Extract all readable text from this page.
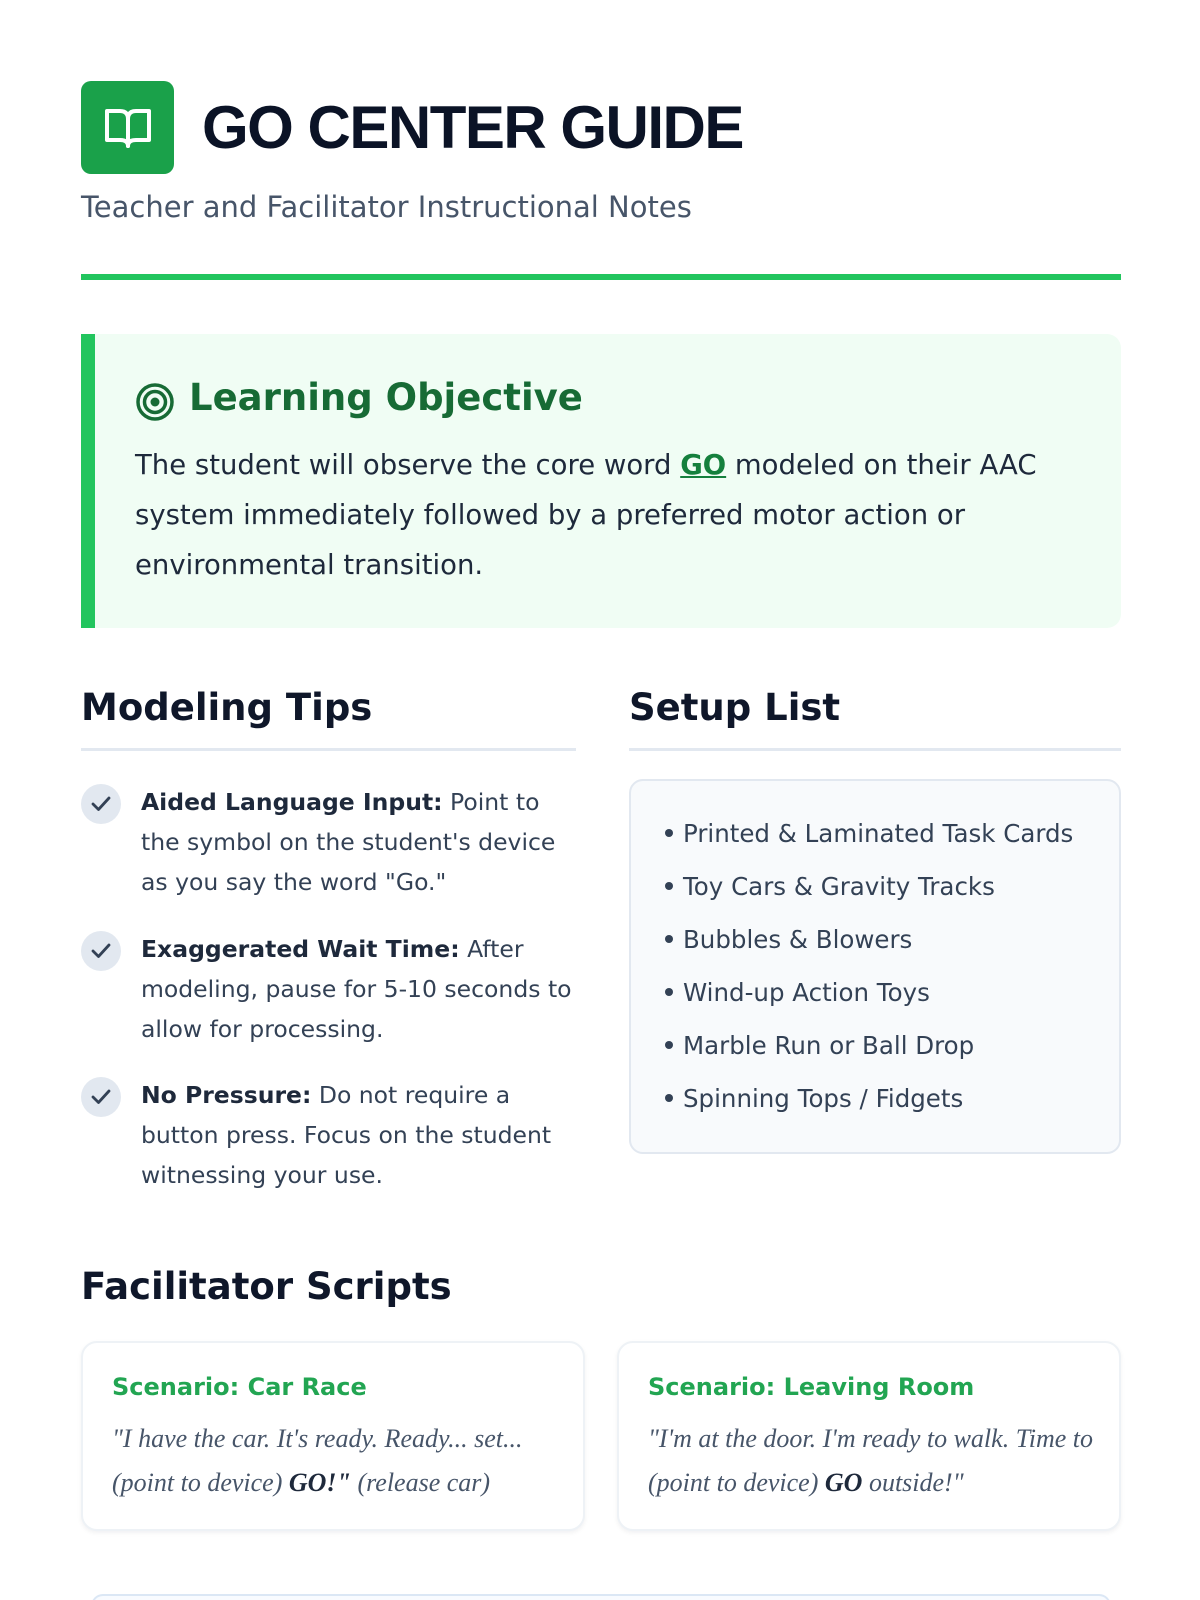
GO CENTER GUIDE
Teacher and Facilitator Instructional Notes
Learning Objective
The student will observe the core word GO modeled on their AAC system immediately followed by a preferred motor action or environmental transition.
Modeling Tips	Setup List
Aided Language Input: Point to the symbol on the student's device as you say the word "Go."
Exaggerated Wait Time: After modeling, pause for 5-10 seconds to allow for processing.
No Pressure: Do not require a button press. Focus on the student witnessing your use.
Printed & Laminated Task Cards
Toy Cars & Gravity Tracks
Bubbles & Blowers
Wind-up Action Toys
Marble Run or Ball Drop
Spinning Tops / Fidgets
Facilitator Scripts
Scenario: Car Race
"I have the car. It's ready. Ready... set... (point to device) GO!" (release car)
Scenario: Leaving Room
"I'm at the door. I'm ready to walk. Time to (point to device) GO outside!"
